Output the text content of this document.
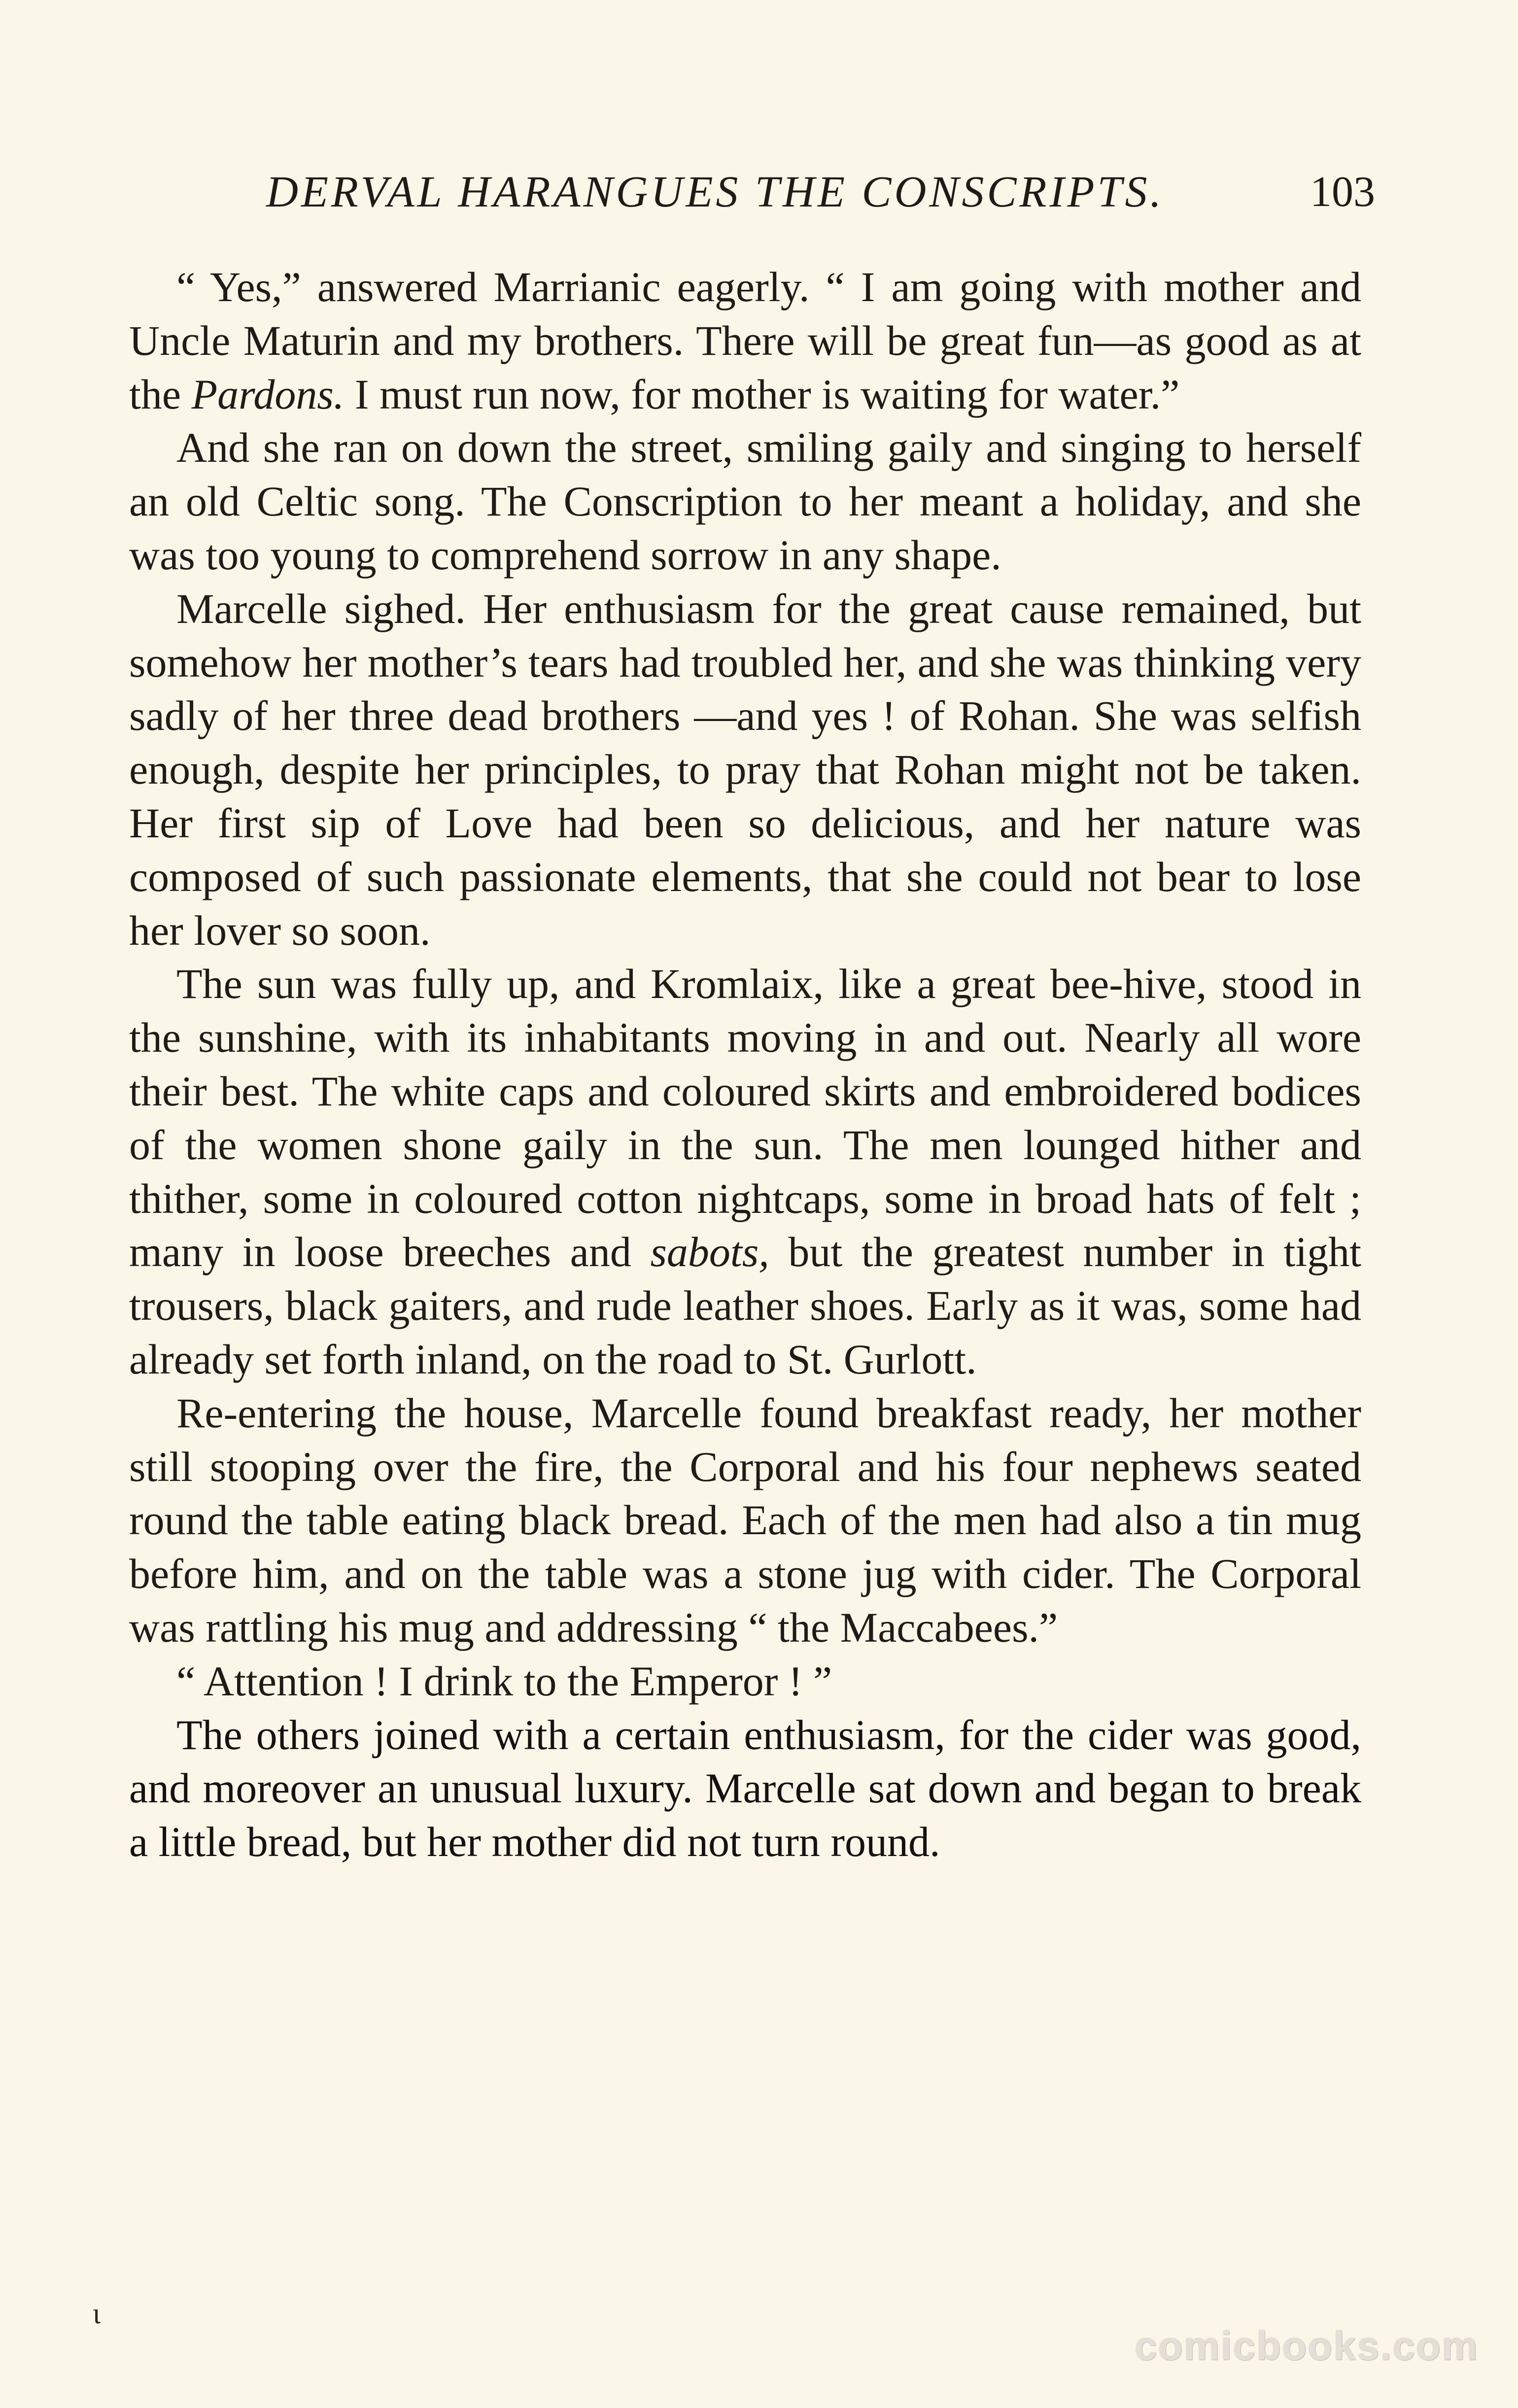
DERVAL HARANGUES THE CONSCRIPTS.	103

“ Yes,” answered Marrianic eagerly. “ I am going with mother and Uncle Maturin and my brothers. There will be great fun—as good as at the Pardons. I must run now, for mother is waiting for water.”

And she ran on down the street, smiling gaily and singing to herself an old Celtic song. The Conscription to her meant a holiday, and she was too young to comprehend sorrow in any shape.

Marcelle sighed. Her enthusiasm for the great cause remained, but somehow her mother’s tears had troubled her, and she was thinking very sadly of her three dead brothers —and yes ! of Rohan. She was selfish enough, despite her principles, to pray that Rohan might not be taken. Her first sip of Love had been so delicious, and her nature was composed of such passionate elements, that she could not bear to lose her lover so soon.

The sun was fully up, and Kromlaix, like a great bee-hive, stood in the sunshine, with its inhabitants moving in and out. Nearly all wore their best. The white caps and coloured skirts and embroidered bodices of the women shone gaily in the sun. The men lounged hither and thither, some in coloured cotton nightcaps, some in broad hats of felt ; many in loose breeches and sabots, but the greatest number in tight trousers, black gaiters, and rude leather shoes. Early as it was, some had already set forth inland, on the road to St. Gurlott.

Re-entering the house, Marcelle found breakfast ready, her mother still stooping over the fire, the Corporal and his four nephews seated round the table eating black bread. Each of the men had also a tin mug before him, and on the table was a stone jug with cider. The Corporal was rattling his mug and addressing “ the Maccabees.”

“ Attention ! I drink to the Emperor ! ”

The others joined with a certain enthusiasm, for the cider was good, and moreover an unusual luxury. Marcelle sat down and began to break a little bread, but her mother did not turn round.

ɩ
comicbooks.com
